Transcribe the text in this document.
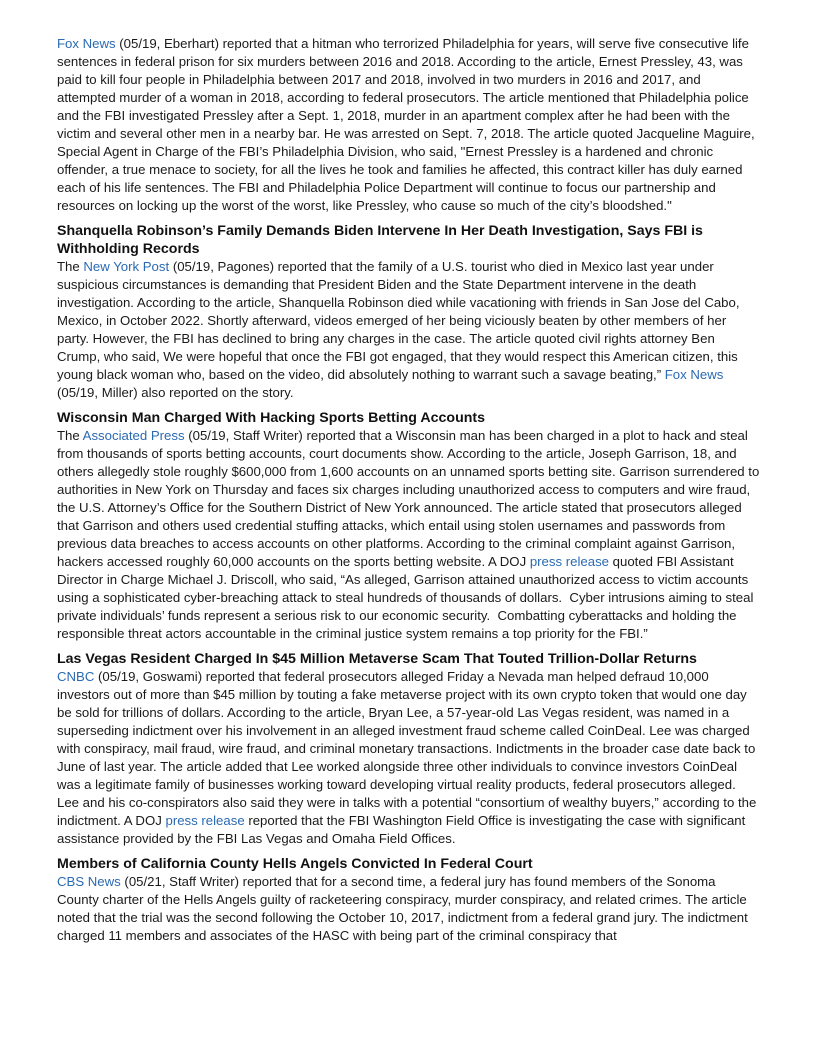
Fox News (05/19, Eberhart) reported that a hitman who terrorized Philadelphia for years, will serve five consecutive life sentences in federal prison for six murders between 2016 and 2018. According to the article, Ernest Pressley, 43, was paid to kill four people in Philadelphia between 2017 and 2018, involved in two murders in 2016 and 2017, and attempted murder of a woman in 2018, according to federal prosecutors. The article mentioned that Philadelphia police and the FBI investigated Pressley after a Sept. 1, 2018, murder in an apartment complex after he had been with the victim and several other men in a nearby bar. He was arrested on Sept. 7, 2018. The article quoted Jacqueline Maguire, Special Agent in Charge of the FBI’s Philadelphia Division, who said, "Ernest Pressley is a hardened and chronic offender, a true menace to society, for all the lives he took and families he affected, this contract killer has duly earned each of his life sentences. The FBI and Philadelphia Police Department will continue to focus our partnership and resources on locking up the worst of the worst, like Pressley, who cause so much of the city’s bloodshed."

Shanquella Robinson’s Family Demands Biden Intervene In Her Death Investigation, Says FBI is Withholding Records

The New York Post (05/19, Pagones) reported that the family of a U.S. tourist who died in Mexico last year under suspicious circumstances is demanding that President Biden and the State Department intervene in the death investigation. According to the article, Shanquella Robinson died while vacationing with friends in San Jose del Cabo, Mexico, in October 2022. Shortly afterward, videos emerged of her being viciously beaten by other members of her party. However, the FBI has declined to bring any charges in the case. The article quoted civil rights attorney Ben Crump, who said, We were hopeful that once the FBI got engaged, that they would respect this American citizen, this young black woman who, based on the video, did absolutely nothing to warrant such a savage beating,” Fox News (05/19, Miller) also reported on the story.

Wisconsin Man Charged With Hacking Sports Betting Accounts

The Associated Press (05/19, Staff Writer) reported that a Wisconsin man has been charged in a plot to hack and steal from thousands of sports betting accounts, court documents show. According to the article, Joseph Garrison, 18, and others allegedly stole roughly $600,000 from 1,600 accounts on an unnamed sports betting site. Garrison surrendered to authorities in New York on Thursday and faces six charges including unauthorized access to computers and wire fraud, the U.S. Attorney’s Office for the Southern District of New York announced. The article stated that prosecutors alleged that Garrison and others used credential stuffing attacks, which entail using stolen usernames and passwords from previous data breaches to access accounts on other platforms. According to the criminal complaint against Garrison, hackers accessed roughly 60,000 accounts on the sports betting website. A DOJ press release quoted FBI Assistant Director in Charge Michael J. Driscoll, who said, “As alleged, Garrison attained unauthorized access to victim accounts using a sophisticated cyber-breaching attack to steal hundreds of thousands of dollars.  Cyber intrusions aiming to steal private individuals’ funds represent a serious risk to our economic security.  Combatting cyberattacks and holding the responsible threat actors accountable in the criminal justice system remains a top priority for the FBI.”

Las Vegas Resident Charged In $45 Million Metaverse Scam That Touted Trillion-Dollar Returns

CNBC (05/19, Goswami) reported that federal prosecutors alleged Friday a Nevada man helped defraud 10,000 investors out of more than $45 million by touting a fake metaverse project with its own crypto token that would one day be sold for trillions of dollars. According to the article, Bryan Lee, a 57-year-old Las Vegas resident, was named in a superseding indictment over his involvement in an alleged investment fraud scheme called CoinDeal. Lee was charged with conspiracy, mail fraud, wire fraud, and criminal monetary transactions. Indictments in the broader case date back to June of last year. The article added that Lee worked alongside three other individuals to convince investors CoinDeal was a legitimate family of businesses working toward developing virtual reality products, federal prosecutors alleged. Lee and his co-conspirators also said they were in talks with a potential “consortium of wealthy buyers,” according to the indictment. A DOJ press release reported that the FBI Washington Field Office is investigating the case with significant assistance provided by the FBI Las Vegas and Omaha Field Offices.

Members of California County Hells Angels Convicted In Federal Court

CBS News (05/21, Staff Writer) reported that for a second time, a federal jury has found members of the Sonoma County charter of the Hells Angels guilty of racketeering conspiracy, murder conspiracy, and related crimes. The article noted that the trial was the second following the October 10, 2017, indictment from a federal grand jury. The indictment charged 11 members and associates of the HASC with being part of the criminal conspiracy that
